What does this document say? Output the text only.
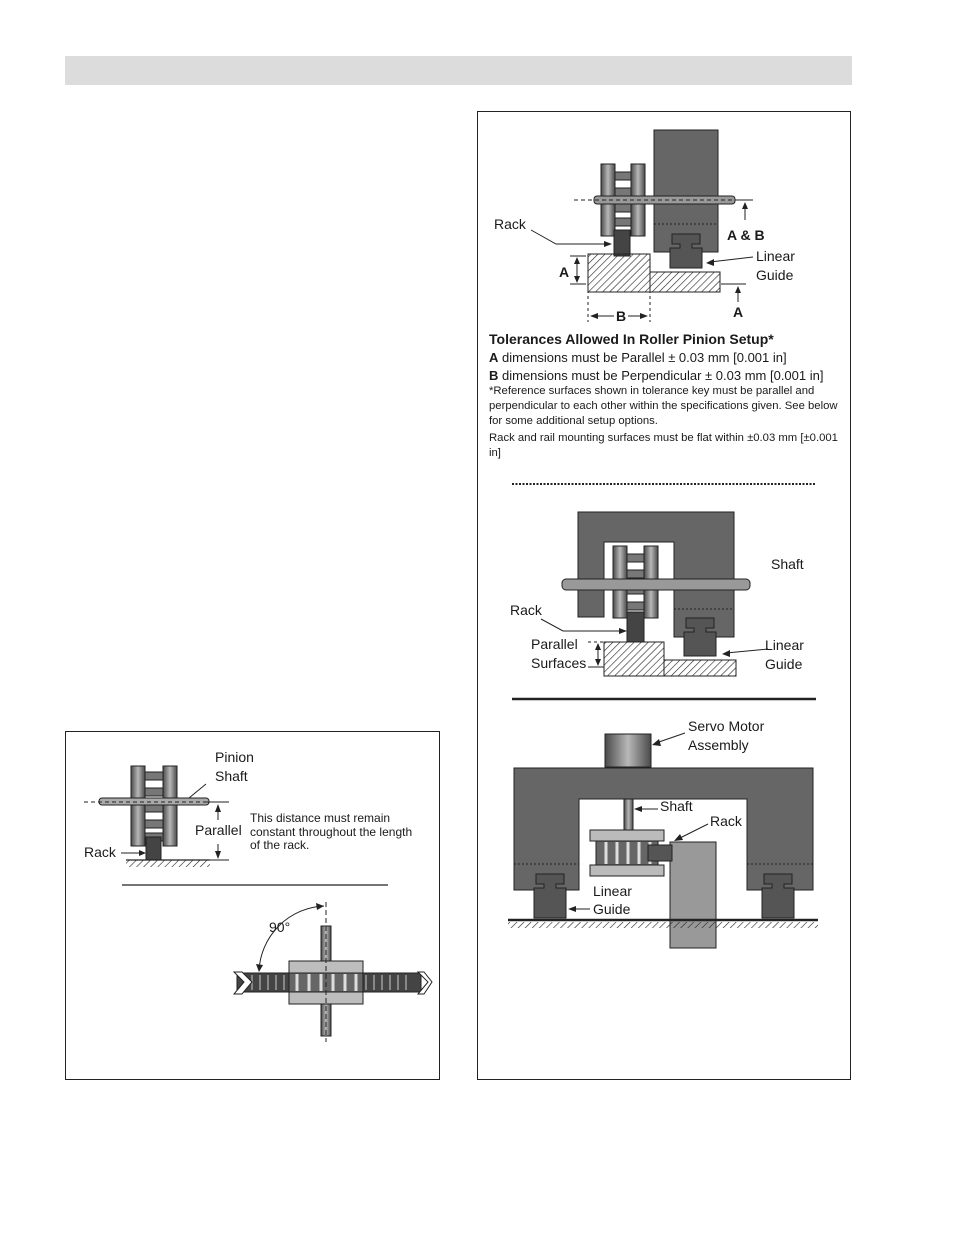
Pinion
Shaft
Parallel
Rack
This distance must remain constant throughout the length of the rack.
90°
Rack
A & B
Linear
Guide
A
A
B
Tolerances Allowed In Roller Pinion Setup*
A dimensions must be Parallel ± 0.03 mm [0.001 in]
B dimensions must be Perpendicular ± 0.03 mm [0.001 in]
*Reference surfaces shown in tolerance key must be parallel and perpendicular to each other within the specifications given. See below for some additional setup options.
Rack and rail mounting surfaces must be flat within ±0.03 mm [±0.001 in]
Shaft
Rack
Parallel
Surfaces
Linear
Guide
Servo Motor
Assembly
Shaft
Rack
Linear
Guide
